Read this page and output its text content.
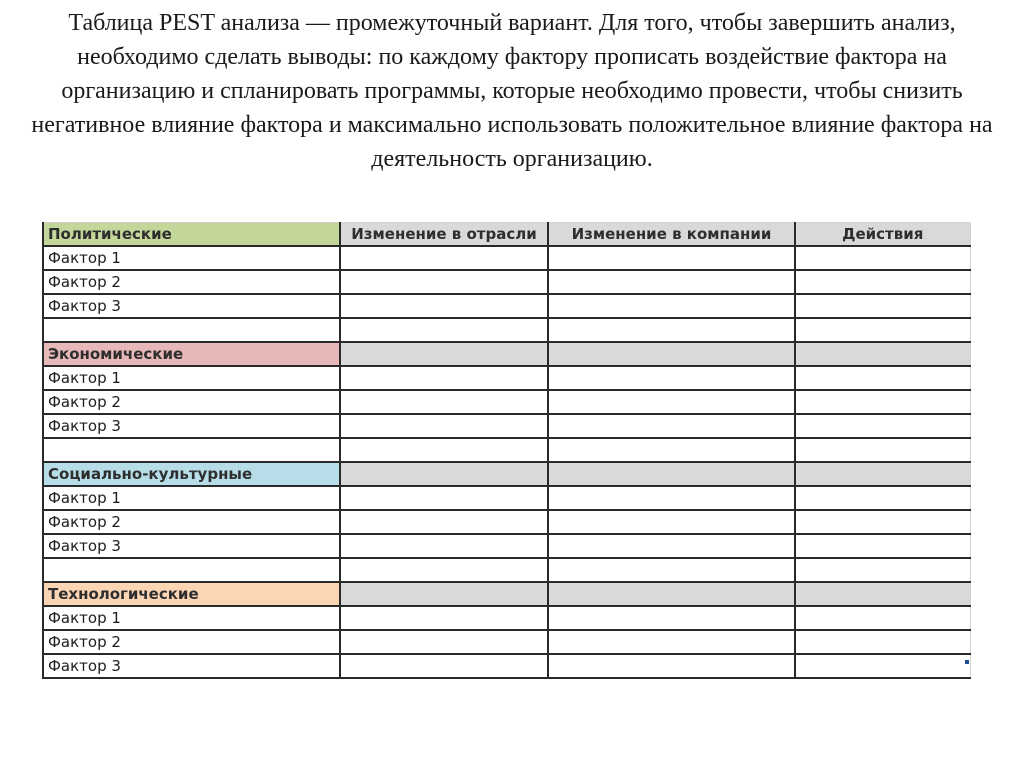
Таблица PEST анализа — промежуточный вариант. Для того, чтобы завершить анализ, необходимо сделать выводы: по каждому фактору прописать воздействие фактора на организацию и спланировать программы, которые необходимо провести, чтобы снизить негативное влияние фактора и максимально использовать положительное влияние фактора на деятельность организацию.
Политические	Изменение в отрасли	Изменение в компании	Действия
Фактор 1			
Фактор 2			
Фактор 3			

Экономические			
Фактор 1			
Фактор 2			
Фактор 3			

Социально-культурные			
Фактор 1			
Фактор 2			
Фактор 3			

Технологические			
Фактор 1			
Фактор 2			
Фактор 3			
